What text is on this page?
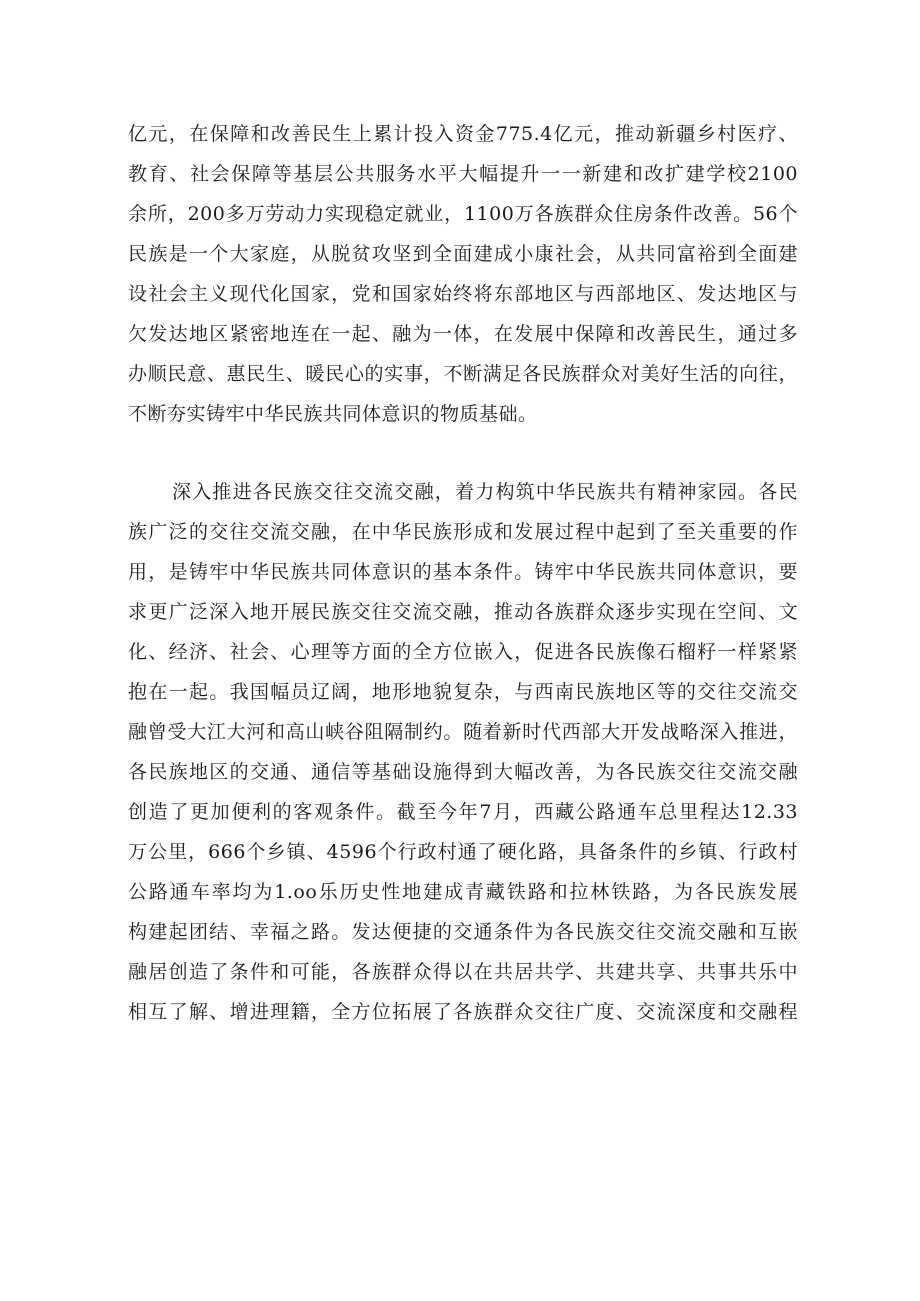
亿元，在保障和改善民生上累计投入资金775.4亿元，推动新疆乡村医疗、
教育、社会保障等基层公共服务水平大幅提升一一新建和改扩建学校2100
余所，200多万劳动力实现稳定就业，1100万各族群众住房条件改善。56个
民族是一个大家庭，从脱贫攻坚到全面建成小康社会，从共同富裕到全面建
设社会主义现代化国家，党和国家始终将东部地区与西部地区、发达地区与
欠发达地区紧密地连在一起、融为一体，在发展中保障和改善民生，通过多
办顺民意、惠民生、暖民心的实事，不断满足各民族群众对美好生活的向往，
不断夯实铸牢中华民族共同体意识的物质基础。
深入推进各民族交往交流交融，着力构筑中华民族共有精神家园。各民
族广泛的交往交流交融，在中华民族形成和发展过程中起到了至关重要的作
用，是铸牢中华民族共同体意识的基本条件。铸牢中华民族共同体意识，要
求更广泛深入地开展民族交往交流交融，推动各族群众逐步实现在空间、文
化、经济、社会、心理等方面的全方位嵌入，促进各民族像石榴籽一样紧紧
抱在一起。我国幅员辽阔，地形地貌复杂，与西南民族地区等的交往交流交
融曾受大江大河和高山峡谷阻隔制约。随着新时代西部大开发战略深入推进，
各民族地区的交通、通信等基础设施得到大幅改善，为各民族交往交流交融
创造了更加便利的客观条件。截至今年7月，西藏公路通车总里程达12.33
万公里，666个乡镇、4596个行政村通了硬化路，具备条件的乡镇、行政村
公路通车率均为1.oo乐历史性地建成青藏铁路和拉林铁路，为各民族发展
构建起团结、幸福之路。发达便捷的交通条件为各民族交往交流交融和互嵌
融居创造了条件和可能，各族群众得以在共居共学、共建共享、共事共乐中
相互了解、增进理籍，全方位拓展了各族群众交往广度、交流深度和交融程
